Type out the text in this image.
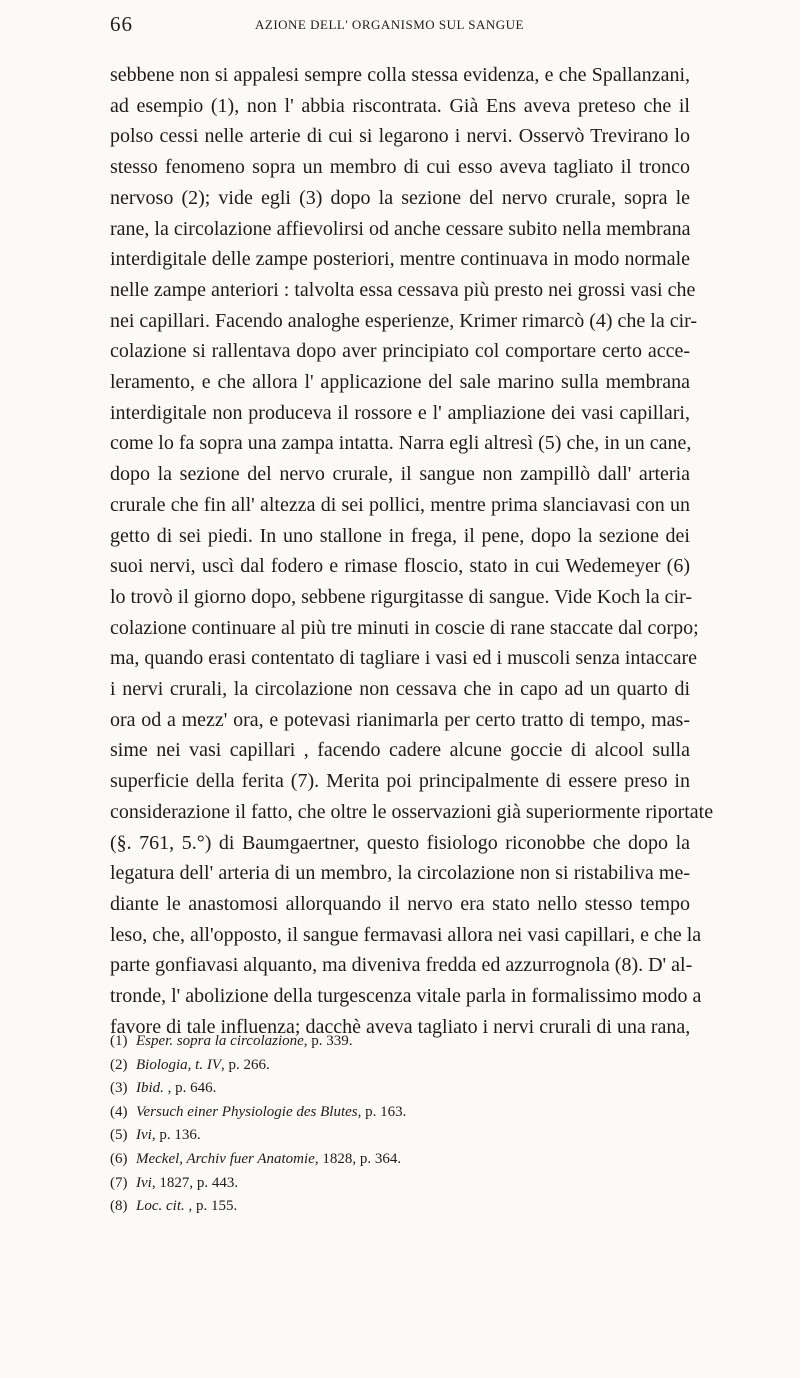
66	AZIONE DELL' ORGANISMO SUL SANGUE
sebbene non si appalesi sempre colla stessa evidenza, e che Spallanzani,
ad esempio (1), non l' abbia riscontrata. Già Ens aveva preteso che il
polso cessi nelle arterie di cui si legarono i nervi. Osservò Treviranο lo
stesso fenomeno sopra un membro di cui esso aveva tagliato il tronco
nervoso (2); vide egli (3) dopo la sezione del nervo crurale, sopra le
rane, la circolazione affievolirsi od anche cessare subito nella membrana
interdigitale delle zampe posteriori, mentre continuava in modo normale
nelle zampe anteriori : talvolta essa cessava più presto nei grossi vasi che
nei capillari. Facendo analoghe esperienze, Krimer rimarcò (4) che la cir-
colazione si rallentava dopo aver principiato col comportare certo acce-
leramento, e che allora l' applicazione del sale marino sulla membrana
interdigitale non produceva il rossore e l' ampliazione dei vasi capillari,
come lo fa sopra una zampa intatta. Narra egli altresì (5) che, in un cane,
dopo la sezione del nervo crurale, il sangue non zampillò dall' arteria
crurale che fin all' altezza di sei pollici, mentre prima slanciavasi con un
getto di sei piedi. In uno stallone in frega, il pene, dopo la sezione dei
suoi nervi, uscì dal fodero e rimase floscio, stato in cui Wedemeyer (6)
lo trovò il giorno dopo, sebbene rigurgitasse di sangue. Vide Koch la cir-
colazione continuare al più tre minuti in coscie di rane staccate dal corpo;
ma, quando erasi contentato di tagliare i vasi ed i muscoli senza intaccare
i nervi crurali, la circolazione non cessava che in capo ad un quarto di
ora od a mezz' ora, e potevasi rianimarla per certo tratto di tempo, mas-
sime nei vasi capillari , facendo cadere alcune goccie di alcool sulla
superficie della ferita (7). Merita poi principalmente di essere preso in
considerazione il fatto, che oltre le osservazioni già superiormente riportate
(§. 761, 5.°) di Baumgaertner, questo fisiologo riconobbe che dopo la
legatura dell' arteria di un membro, la circolazione non si ristabiliva me-
diante le anastomosi allorquando il nervo era stato nello stesso tempo
leso, che, all'opposto, il sangue fermavasi allora nei vasi capillari, e che la
parte gonfiavasi alquanto, ma diveniva fredda ed azzurrognola (8). D' al-
tronde, l' abolizione della turgescenza vitale parla in formalissimo modo a
favore di tale influenza; dacchè aveva tagliato i nervi crurali di una rana,
(1) Esper. sopra la circolazione, p. 339.
(2) Biologia, t. IV, p. 266.
(3) Ibid. , p. 646.
(4) Versuch einer Physiologie des Blutes, p. 163.
(5) Ivi, p. 136.
(6) Meckel, Archiv fuer Anatomie, 1828, p. 364.
(7) Ivi, 1827, p. 443.
(8) Loc. cit. , p. 155.
